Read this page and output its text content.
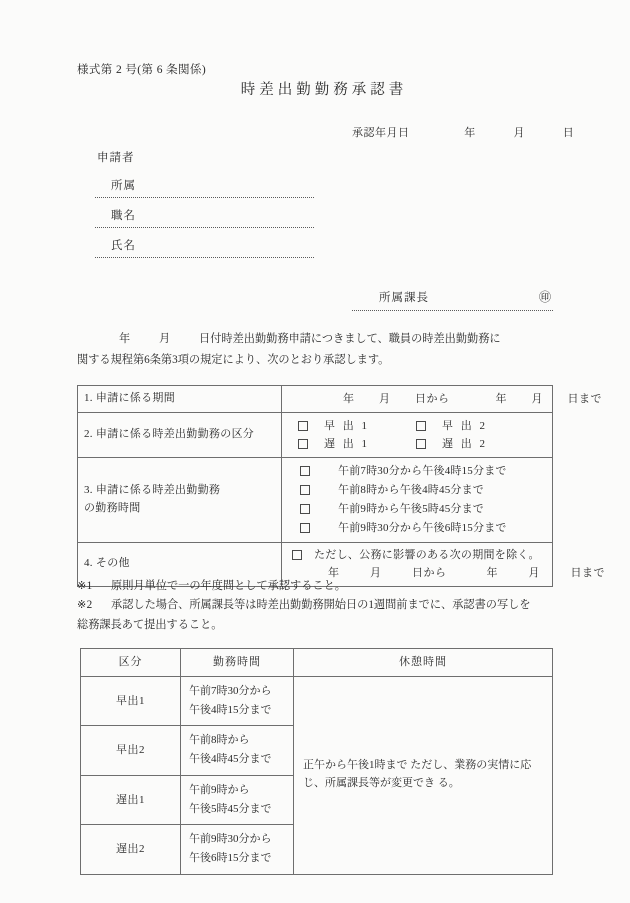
様式第 2 号(第 6 条関係)
時差出勤勤務承認書
承認年月日	年	月	日
申請者
所属
職名
氏名
所属課長	㊞
年	月	日付時差出勤勤務申請につきまして、職員の時差出勤勤務に
関する規程第6条第3項の規定により、次のとおり承認します。
1. 申請に係る期間	年 月 日から 年 月 日まで

2. 申請に係る時差出勤勤務の区分	早 出 1 早 出 2
遅 出 1 遅 出 2

3. 申請に係る時差出勤勤務
の勤務時間	
午前7時30分から午後4時15分まで
午前8時から午後4時45分まで
午前9時から午後5時45分まで
午前9時30分から午後6時15分まで

4. その他	ただし、公務に影響のある次の期間を除く。
年 月 日から 年 月 日まで
※1	原則月単位で一の年度間として承認すること。
※2	承認した場合、所属課長等は時差出勤勤務開始日の1週間前までに、承認書の写しを
総務課長あて提出すること。
区分	勤務時間	休憩時間
早出1	午前7時30分から
午後4時15分まで	正午から午後1時まで ただし、業務の実情に応じ、所属課長等が変更でき る。
早出2	午前8時から
午後4時45分まで	

遅出1	午前9時から
午後5時45分まで	

遅出2	午前9時30分から
午後6時15分まで	
